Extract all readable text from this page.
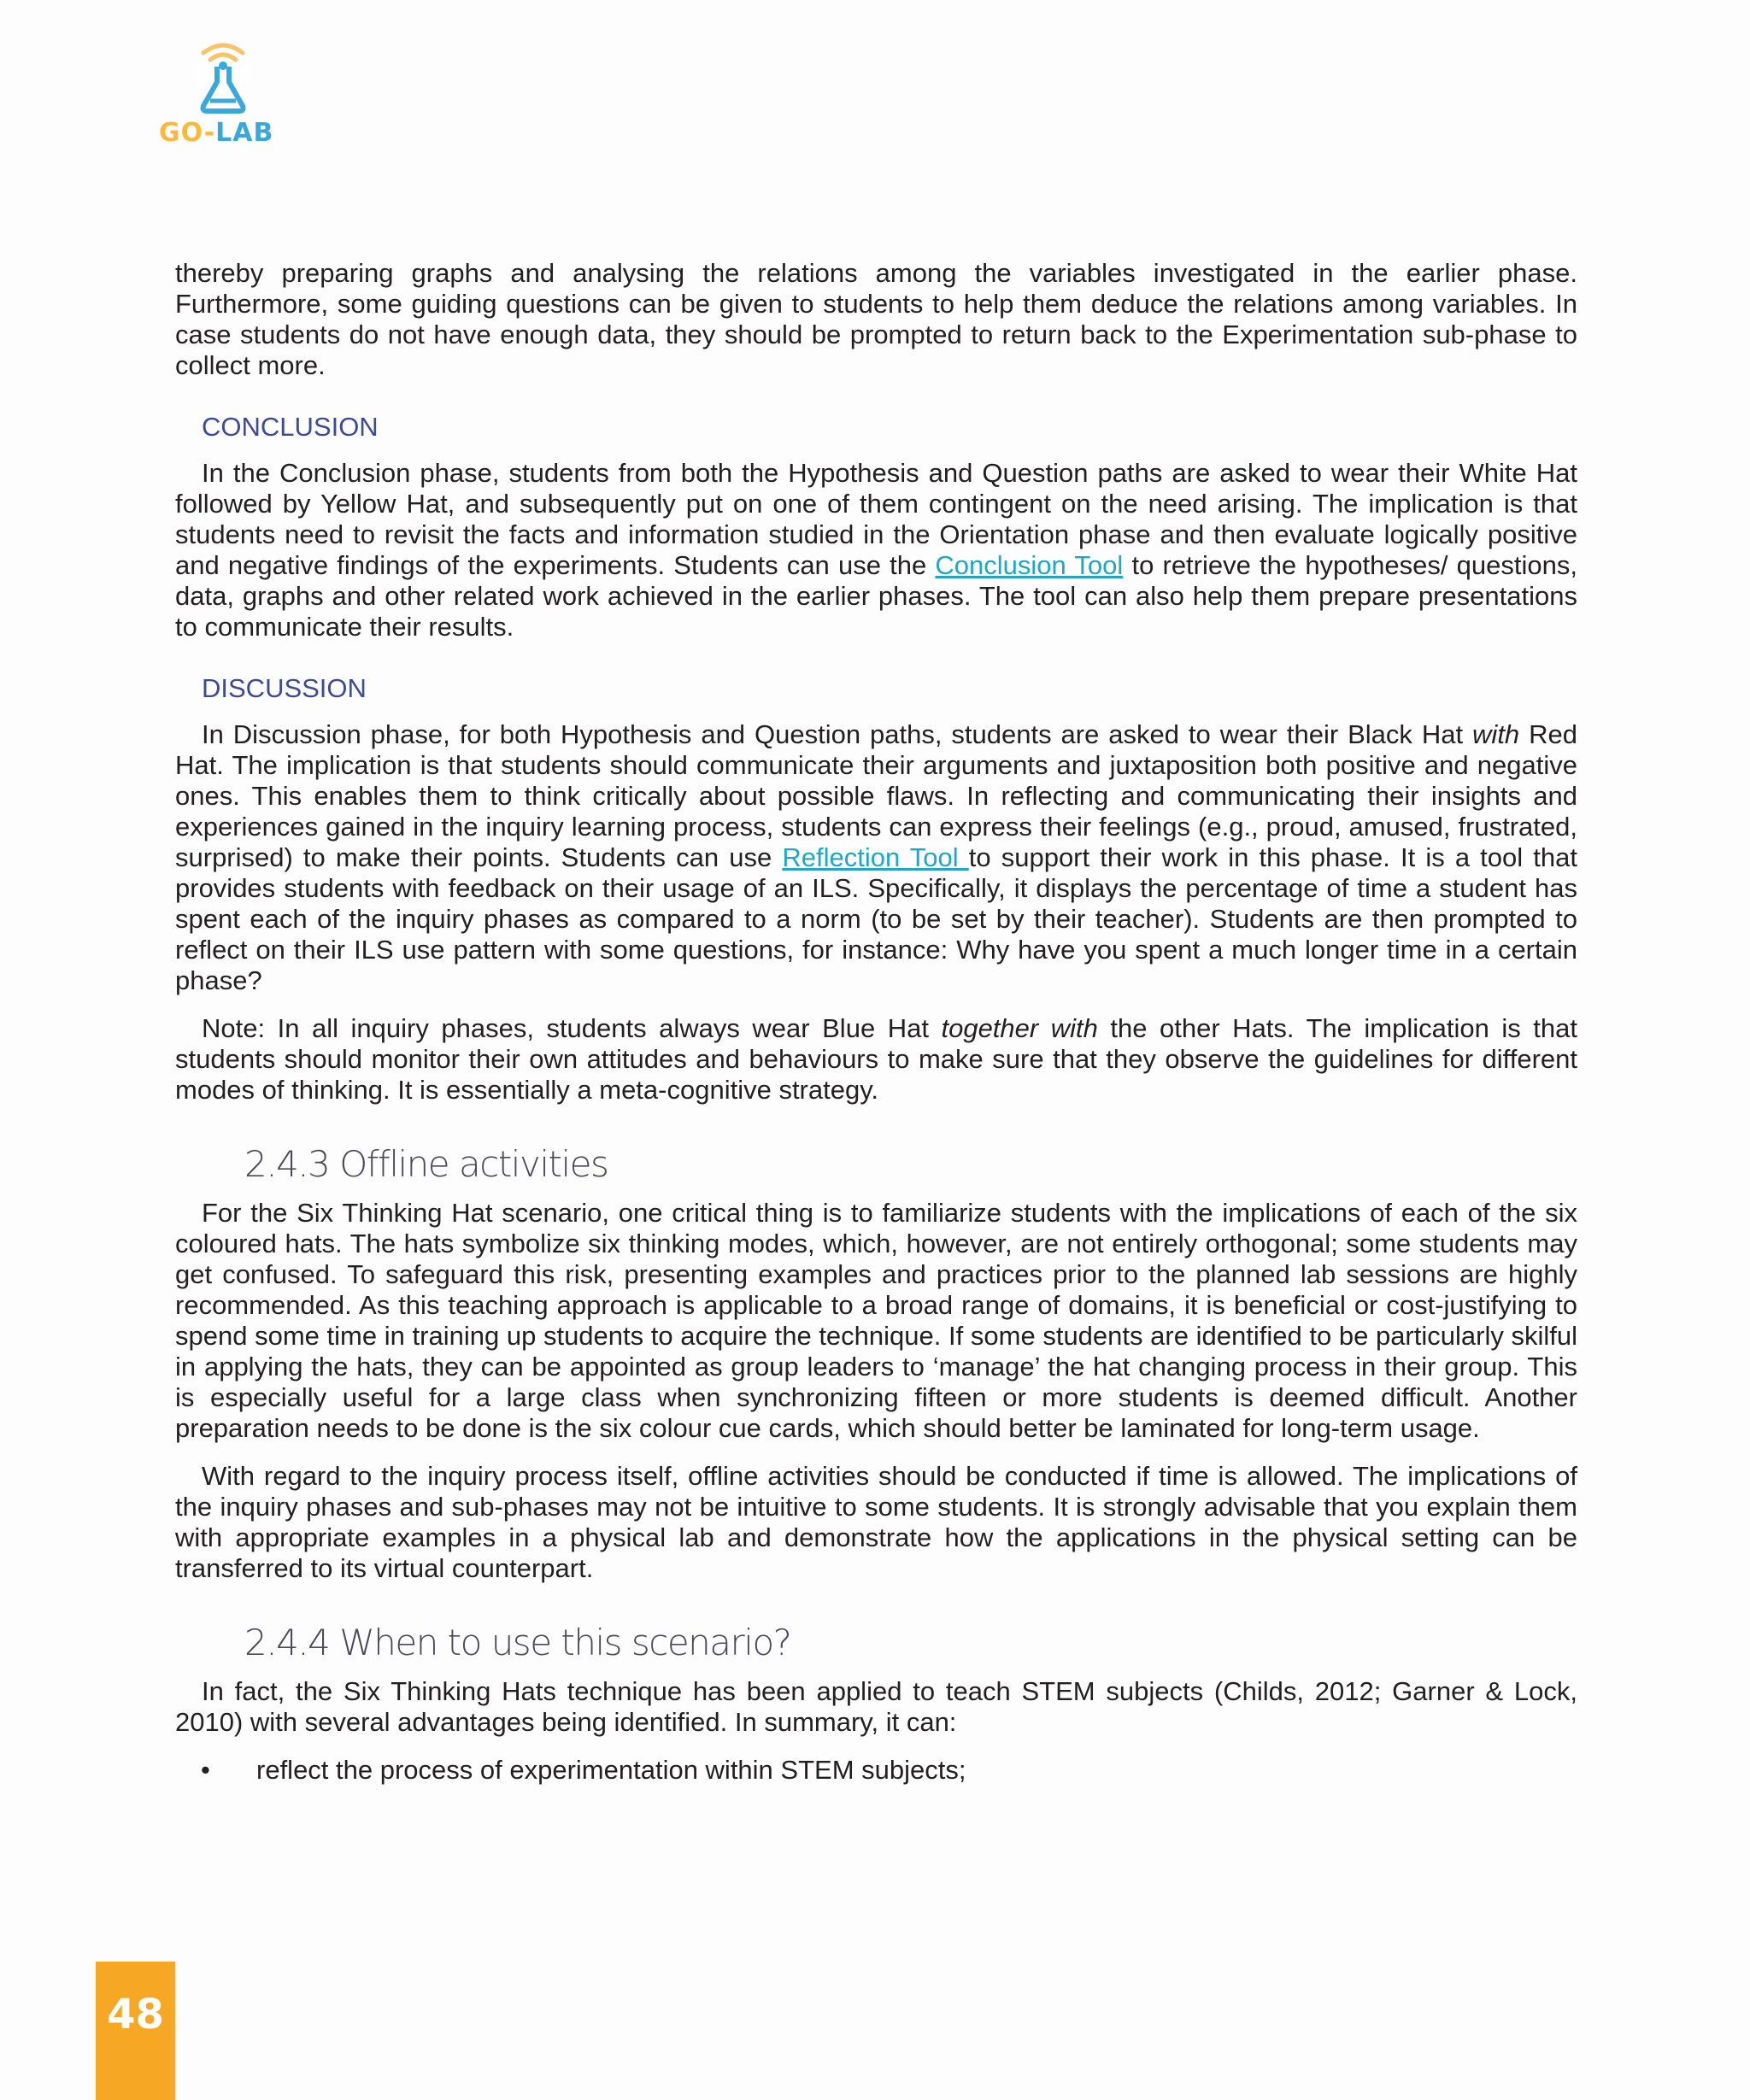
GO-LAB

thereby preparing graphs and analysing the relations among the variables investigated in the earlier phase. Furthermore, some guiding questions can be given to students to help them deduce the relations among variables. In case students do not have enough data, they should be prompted to return back to the Experimentation sub-phase to collect more.

CONCLUSION

In the Conclusion phase, students from both the Hypothesis and Question paths are asked to wear their White Hat followed by Yellow Hat, and subsequently put on one of them contingent on the need arising. The implication is that students need to revisit the facts and information studied in the Orientation phase and then evaluate logically positive and negative findings of the experiments. Students can use the Conclusion Tool to retrieve the hypotheses/ questions, data, graphs and other related work achieved in the earlier phases. The tool can also help them prepare presentations to communicate their results.

DISCUSSION

In Discussion phase, for both Hypothesis and Question paths, students are asked to wear their Black Hat with Red Hat. The implication is that students should communicate their arguments and juxtaposition both positive and negative ones. This enables them to think critically about possible flaws. In reflecting and communicating their insights and experiences gained in the inquiry learning process, students can express their feelings (e.g., proud, amused, frustrated, surprised) to make their points. Students can use Reflection Tool to support their work in this phase. It is a tool that provides students with feedback on their usage of an ILS. Specifically, it displays the percentage of time a student has spent each of the inquiry phases as compared to a norm (to be set by their teacher). Students are then prompted to reflect on their ILS use pattern with some questions, for instance: Why have you spent a much longer time in a certain phase?

Note: In all inquiry phases, students always wear Blue Hat together with the other Hats. The implication is that students should monitor their own attitudes and behaviours to make sure that they observe the guidelines for different modes of thinking. It is essentially a meta-cognitive strategy.

2.4.3 Offline activities

For the Six Thinking Hat scenario, one critical thing is to familiarize students with the implications of each of the six coloured hats. The hats symbolize six thinking modes, which, however, are not entirely orthogonal; some students may get confused. To safeguard this risk, presenting examples and practices prior to the planned lab sessions are highly recommended. As this teaching approach is applicable to a broad range of domains, it is beneficial or cost-justifying to spend some time in training up students to acquire the technique. If some students are identified to be particularly skilful in applying the hats, they can be appointed as group leaders to ‘manage’ the hat changing process in their group. This is especially useful for a large class when synchronizing fifteen or more students is deemed difficult. Another preparation needs to be done is the six colour cue cards, which should better be laminated for long-term usage.

With regard to the inquiry process itself, offline activities should be conducted if time is allowed. The implications of the inquiry phases and sub-phases may not be intuitive to some students. It is strongly advisable that you explain them with appropriate examples in a physical lab and demonstrate how the applications in the physical setting can be transferred to its virtual counterpart.

2.4.4 When to use this scenario?

In fact, the Six Thinking Hats technique has been applied to teach STEM subjects (Childs, 2012; Garner & Lock, 2010) with several advantages being identified. In summary, it can:

• reflect the process of experimentation within STEM subjects;
48
